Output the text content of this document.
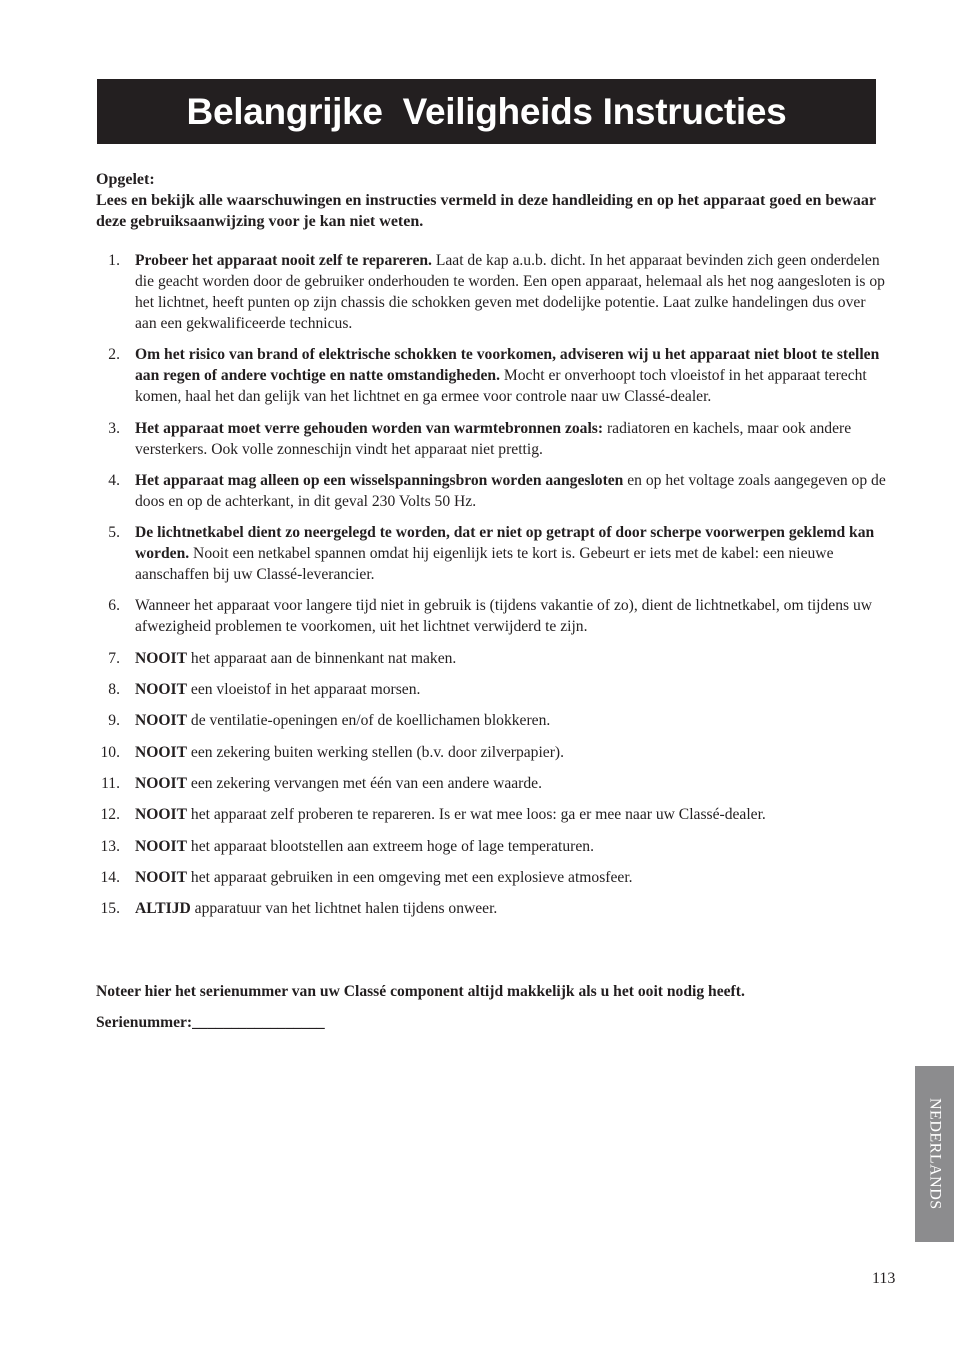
Belangrijke  Veiligheids Instructies

Opgelet:

Lees en bekijk alle waarschuwingen en instructies vermeld in deze handleiding en op het apparaat goed en bewaar deze gebruiksaanwijzing voor je kan niet weten.

1. Probeer het apparaat nooit zelf te repareren. Laat de kap a.u.b. dicht. In het apparaat bevinden zich geen onderdelen die geacht worden door de gebruiker onderhouden te worden. Een open apparaat, helemaal als het nog aangesloten is op het lichtnet, heeft punten op zijn chassis die schokken geven met dodelijke potentie. Laat zulke handelingen dus over aan een gekwalificeerde technicus.
2. Om het risico van brand of elektrische schokken te voorkomen, adviseren wij u het apparaat niet bloot te stellen aan regen of andere vochtige en natte omstandigheden. Mocht er onverhoopt toch vloeistof in het apparaat terecht komen, haal het dan gelijk van het lichtnet en ga ermee voor controle naar uw Classé-dealer.
3. Het apparaat moet verre gehouden worden van warmtebronnen zoals: radiatoren en kachels, maar ook andere versterkers. Ook volle zonneschijn vindt het apparaat niet prettig.
4. Het apparaat mag alleen op een wisselspanningsbron worden aangesloten en op het voltage zoals aangegeven op de doos en op de achterkant, in dit geval 230 Volts 50 Hz.
5. De lichtnetkabel dient zo neergelegd te worden, dat er niet op getrapt of door scherpe voorwerpen geklemd kan worden. Nooit een netkabel spannen omdat hij eigenlijk iets te kort is. Gebeurt er iets met de kabel: een nieuwe aanschaffen bij uw Classé-leverancier.
6. Wanneer het apparaat voor langere tijd niet in gebruik is (tijdens vakantie of zo), dient de lichtnetkabel, om tijdens uw afwezigheid problemen te voorkomen, uit het lichtnet verwijderd te zijn.
7. NOOIT het apparaat aan de binnenkant nat maken.
8. NOOIT een vloeistof in het apparaat morsen.
9. NOOIT de ventilatie-openingen en/of de koellichamen blokkeren.
10. NOOIT een zekering buiten werking stellen (b.v. door zilverpapier).
11. NOOIT een zekering vervangen met één van een andere waarde.
12. NOOIT het apparaat zelf proberen te repareren. Is er wat mee loos: ga er mee naar uw Classé-dealer.
13. NOOIT het apparaat blootstellen aan extreem hoge of lage temperaturen.
14. NOOIT het apparaat gebruiken in een omgeving met een explosieve atmosfeer.
15. ALTIJD apparatuur van het lichtnet halen tijdens onweer.
Noteer hier het serienummer van uw Classé component altijd makkelijk als u het ooit nodig heeft.
Serienummer:_________________
NEDERLANDS
113
